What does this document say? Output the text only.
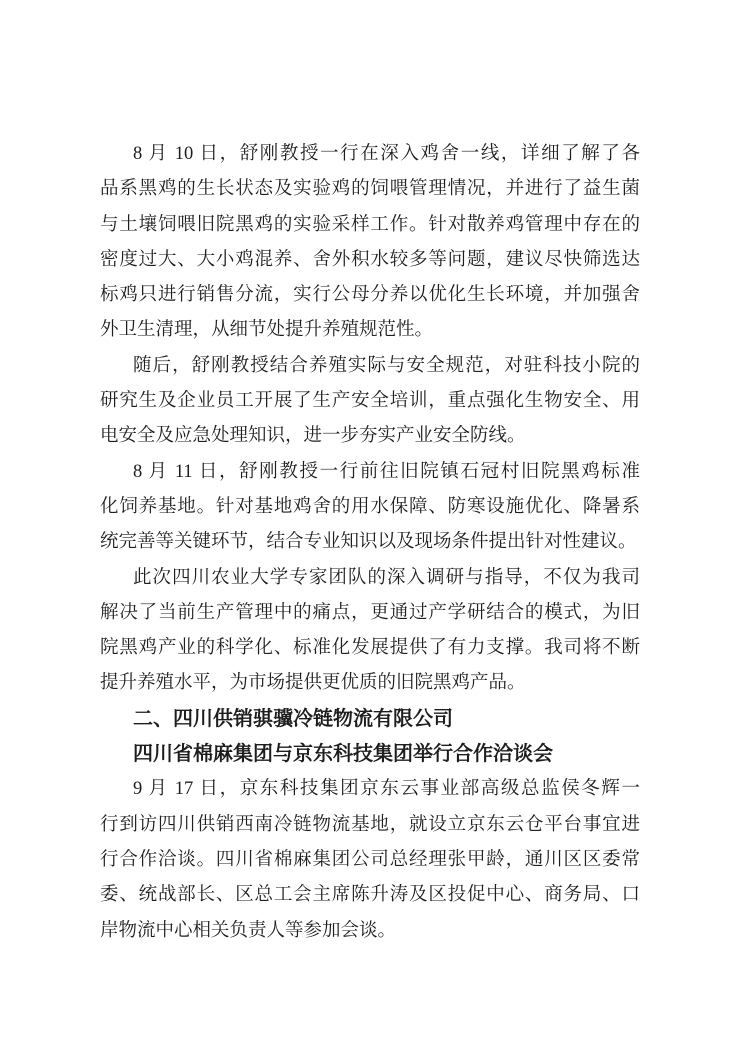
8 月 10 日，舒刚教授一行在深入鸡舍一线，详细了解了各
品系黑鸡的生长状态及实验鸡的饲喂管理情况，并进行了益生菌
与土壤饲喂旧院黑鸡的实验采样工作。针对散养鸡管理中存在的
密度过大、大小鸡混养、舍外积水较多等问题，建议尽快筛选达
标鸡只进行销售分流，实行公母分养以优化生长环境，并加强舍
外卫生清理，从细节处提升养殖规范性。
随后，舒刚教授结合养殖实际与安全规范，对驻科技小院的
研究生及企业员工开展了生产安全培训，重点强化生物安全、用
电安全及应急处理知识，进一步夯实产业安全防线。
8 月 11 日，舒刚教授一行前往旧院镇石冠村旧院黑鸡标准
化饲养基地。针对基地鸡舍的用水保障、防寒设施优化、降暑系
统完善等关键环节，结合专业知识以及现场条件提出针对性建议。
此次四川农业大学专家团队的深入调研与指导，不仅为我司
解决了当前生产管理中的痛点，更通过产学研结合的模式，为旧
院黑鸡产业的科学化、标准化发展提供了有力支撑。我司将不断
提升养殖水平，为市场提供更优质的旧院黑鸡产品。
二、四川供销骐骥冷链物流有限公司
四川省棉麻集团与京东科技集团举行合作洽谈会
9 月 17 日，京东科技集团京东云事业部高级总监侯冬辉一
行到访四川供销西南冷链物流基地，就设立京东云仓平台事宜进
行合作洽谈。四川省棉麻集团公司总经理张甲龄，通川区区委常
委、统战部长、区总工会主席陈升涛及区投促中心、商务局、口
岸物流中心相关负责人等参加会谈。
